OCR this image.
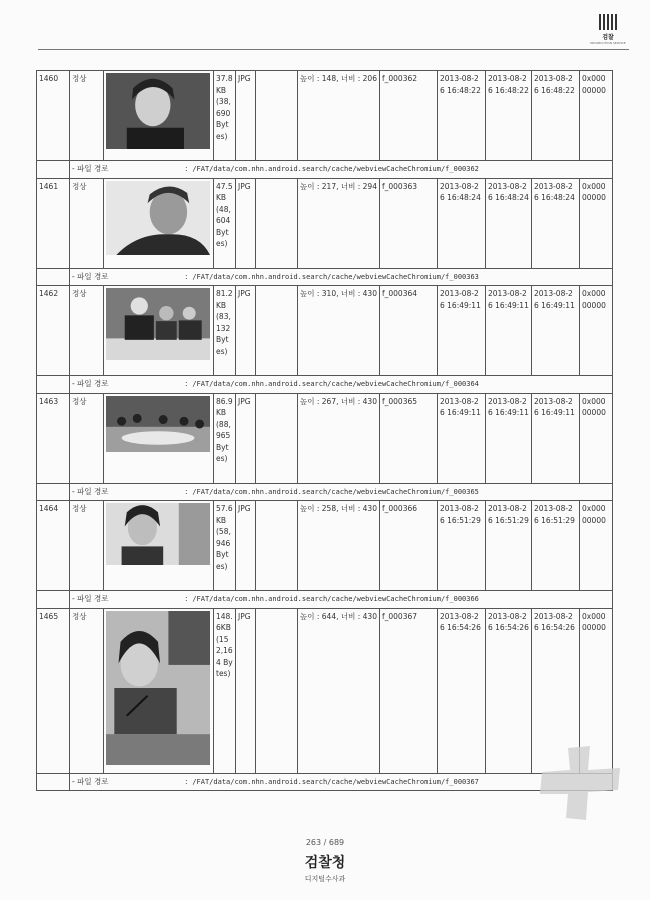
검찰
PROSECUTION SERVICE
1460	정상		37.8KB (38,690 Bytes)	JPG		높이 : 148, 너비 : 206	f_000362	2013-08-26 16:48:22	2013-08-26 16:48:22	2013-08-26 16:48:22	0x00000000
	- 파일 경로 : /FAT/data/com.nhn.android.search/cache/webviewCacheChromium/f_000362										
1461	정상		47.5KB (48,604 Bytes)	JPG		높이 : 217, 너비 : 294	f_000363	2013-08-26 16:48:24	2013-08-26 16:48:24	2013-08-26 16:48:24	0x00000000
	- 파일 경로 : /FAT/data/com.nhn.android.search/cache/webviewCacheChromium/f_000363										
1462	정상		81.2KB (83,132 Bytes)	JPG		높이 : 310, 너비 : 430	f_000364	2013-08-26 16:49:11	2013-08-26 16:49:11	2013-08-26 16:49:11	0x00000000
	- 파일 경로 : /FAT/data/com.nhn.android.search/cache/webviewCacheChromium/f_000364										
1463	정상		86.9KB (88,965 Bytes)	JPG		높이 : 267, 너비 : 430	f_000365	2013-08-26 16:49:11	2013-08-26 16:49:11	2013-08-26 16:49:11	0x00000000
	- 파일 경로 : /FAT/data/com.nhn.android.search/cache/webviewCacheChromium/f_000365										
1464	정상		57.6KB (58,946 Bytes)	JPG		높이 : 258, 너비 : 430	f_000366	2013-08-26 16:51:29	2013-08-26 16:51:29	2013-08-26 16:51:29	0x00000000
	- 파일 경로 : /FAT/data/com.nhn.android.search/cache/webviewCacheChromium/f_000366										
1465	정상		148.6KB (152,164 Bytes)	JPG		높이 : 644, 너비 : 430	f_000367	2013-08-26 16:54:26	2013-08-26 16:54:26	2013-08-26 16:54:26	0x00000000
	- 파일 경로 : /FAT/data/com.nhn.android.search/cache/webviewCacheChromium/f_000367										
263 / 689
검찰청
디지털수사과
